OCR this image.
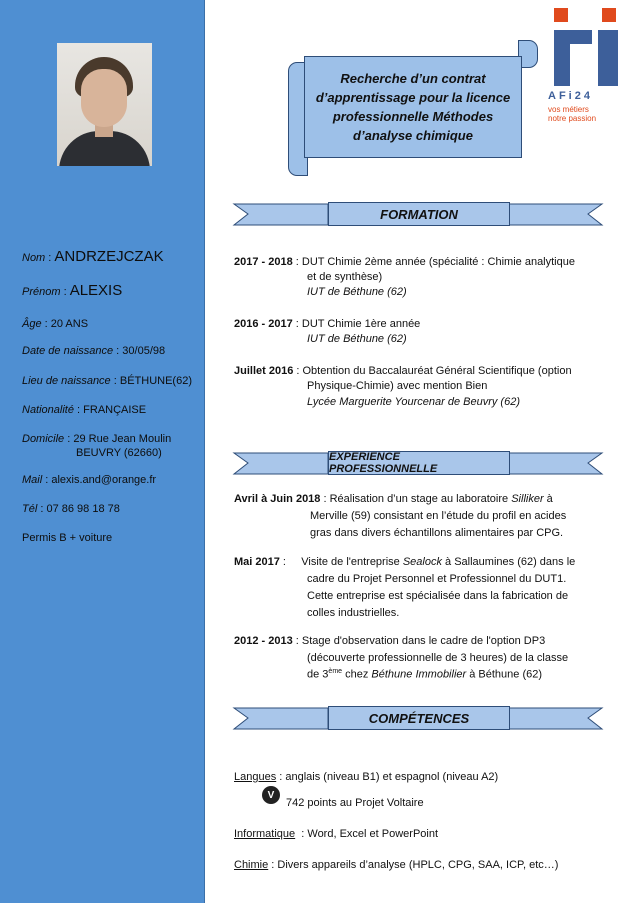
Nom : ANDRZEJCZAK
Prénom : ALEXIS
Âge : 20 ANS
Date de naissance : 30/05/98
Lieu de naissance : BÉTHUNE(62)
Nationalité : FRANÇAISE
Domicile : 29 Rue Jean Moulin
BEUVRY (62660)
Mail : alexis.and@orange.fr
Tél : 07 86 98 18 78
Permis B + voiture
AFi24
vos métiers
notre passion
Recherche d’un contrat
d’apprentissage pour la licence
professionnelle Méthodes
d’analyse chimique
FORMATION
2017 - 2018 : DUT Chimie 2ème année (spécialité : Chimie analytique
et de synthèse)
IUT de Béthune (62)
2016 - 2017 : DUT Chimie 1ère année
IUT de Béthune (62)
Juillet 2016 : Obtention du Baccalauréat Général Scientifique (option
Physique-Chimie) avec mention Bien
Lycée Marguerite Yourcenar de Beuvry (62)
EXPERIENCE PROFESSIONNELLE
Avril à Juin 2018 : Réalisation d’un stage au laboratoire Silliker à
Merville (59) consistant en l’étude du profil en acides
gras dans divers échantillons alimentaires par CPG.
Mai 2017 :     Visite de l'entreprise Sealock à Sallaumines (62) dans le
cadre du Projet Personnel et Professionnel du DUT1.
Cette entreprise est spécialisée dans la fabrication de
colles industrielles.
2012 - 2013 : Stage d'observation dans le cadre de l'option DP3
(découverte professionnelle de 3 heures) de la classe
de 3ème chez Béthune Immobilier à Béthune (62)
COMPÉTENCES
Langues : anglais (niveau B1) et espagnol (niveau A2)
V
742 points au Projet Voltaire
Informatique  : Word, Excel et PowerPoint
Chimie : Divers appareils d’analyse (HPLC, CPG, SAA, ICP, etc…)
